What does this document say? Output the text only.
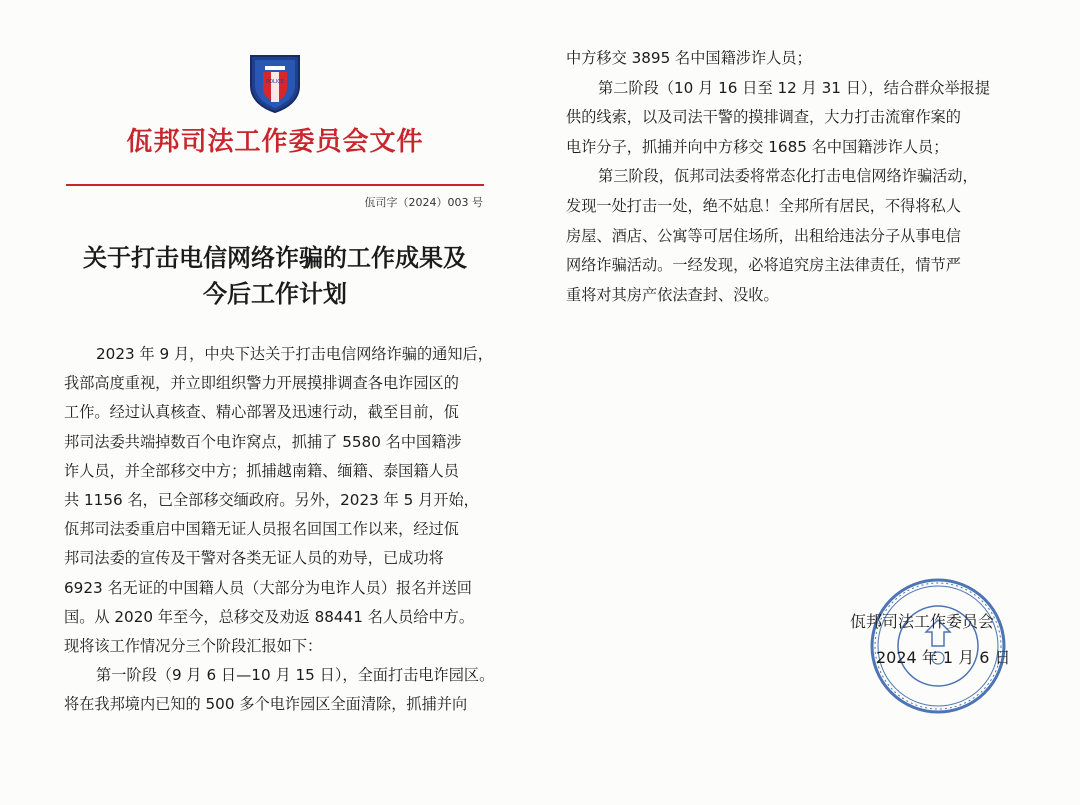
POLICE
佤邦司法工作委员会文件
佤司字（2024）003 号
关于打击电信网络诈骗的工作成果及
今后工作计划
2023 年 9 月，中央下达关于打击电信网络诈骗的通知后，
我部高度重视，并立即组织警力开展摸排调查各电诈园区的
工作。经过认真核查、精心部署及迅速行动，截至目前，佤
邦司法委共端掉数百个电诈窝点，抓捕了 5580 名中国籍涉
诈人员，并全部移交中方；抓捕越南籍、缅籍、泰国籍人员
共 1156 名，已全部移交缅政府。另外，2023 年 5 月开始，
佤邦司法委重启中国籍无证人员报名回国工作以来，经过佤
邦司法委的宣传及干警对各类无证人员的劝导，已成功将
6923 名无证的中国籍人员（大部分为电诈人员）报名并送回
国。从 2020 年至今，总移交及劝返 88441 名人员给中方。
现将该工作情况分三个阶段汇报如下：
第一阶段（9 月 6 日—10 月 15 日），全面打击电诈园区。
将在我邦境内已知的 500 多个电诈园区全面清除，抓捕并向
中方移交 3895 名中国籍涉诈人员；
第二阶段（10 月 16 日至 12 月 31 日），结合群众举报提
供的线索，以及司法干警的摸排调查，大力打击流窜作案的
电诈分子，抓捕并向中方移交 1685 名中国籍涉诈人员；
第三阶段，佤邦司法委将常态化打击电信网络诈骗活动，
发现一处打击一处，绝不姑息！全邦所有居民，不得将私人
房屋、酒店、公寓等可居住场所，出租给违法分子从事电信
网络诈骗活动。一经发现，必将追究房主法律责任，情节严
重将对其房产依法查封、没收。
佤邦司法工作委员会
2024 年 1 月 6 日
